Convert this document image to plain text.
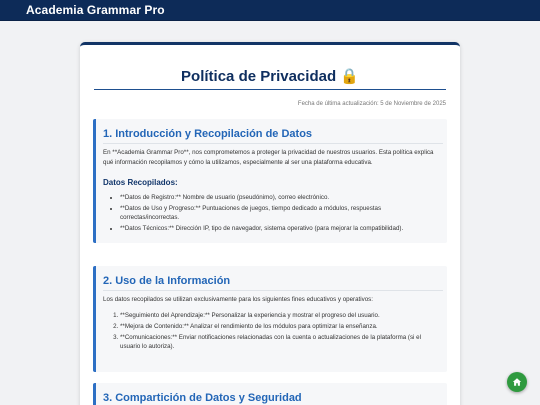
Academia Grammar Pro
Política de Privacidad 🔒
Fecha de última actualización: 5 de Noviembre de 2025
1. Introducción y Recopilación de Datos
En **Academia Grammar Pro**, nos comprometemos a proteger la privacidad de nuestros usuarios. Esta política explica qué información recopilamos y cómo la utilizamos, especialmente al ser una plataforma educativa.
Datos Recopilados:
• **Datos de Registro:** Nombre de usuario (pseudónimo), correo electrónico.
• **Datos de Uso y Progreso:** Puntuaciones de juegos, tiempo dedicado a módulos, respuestas correctas/incorrectas.
• **Datos Técnicos:** Dirección IP, tipo de navegador, sistema operativo (para mejorar la compatibilidad).
2. Uso de la Información
Los datos recopilados se utilizan exclusivamente para los siguientes fines educativos y operativos:
1. **Seguimiento del Aprendizaje:** Personalizar la experiencia y mostrar el progreso del usuario.
2. **Mejora de Contenido:** Analizar el rendimiento de los módulos para optimizar la enseñanza.
3. **Comunicaciones:** Enviar notificaciones relacionadas con la cuenta o actualizaciones de la plataforma (si el usuario lo autoriza).
3. Compartición de Datos y Seguridad
